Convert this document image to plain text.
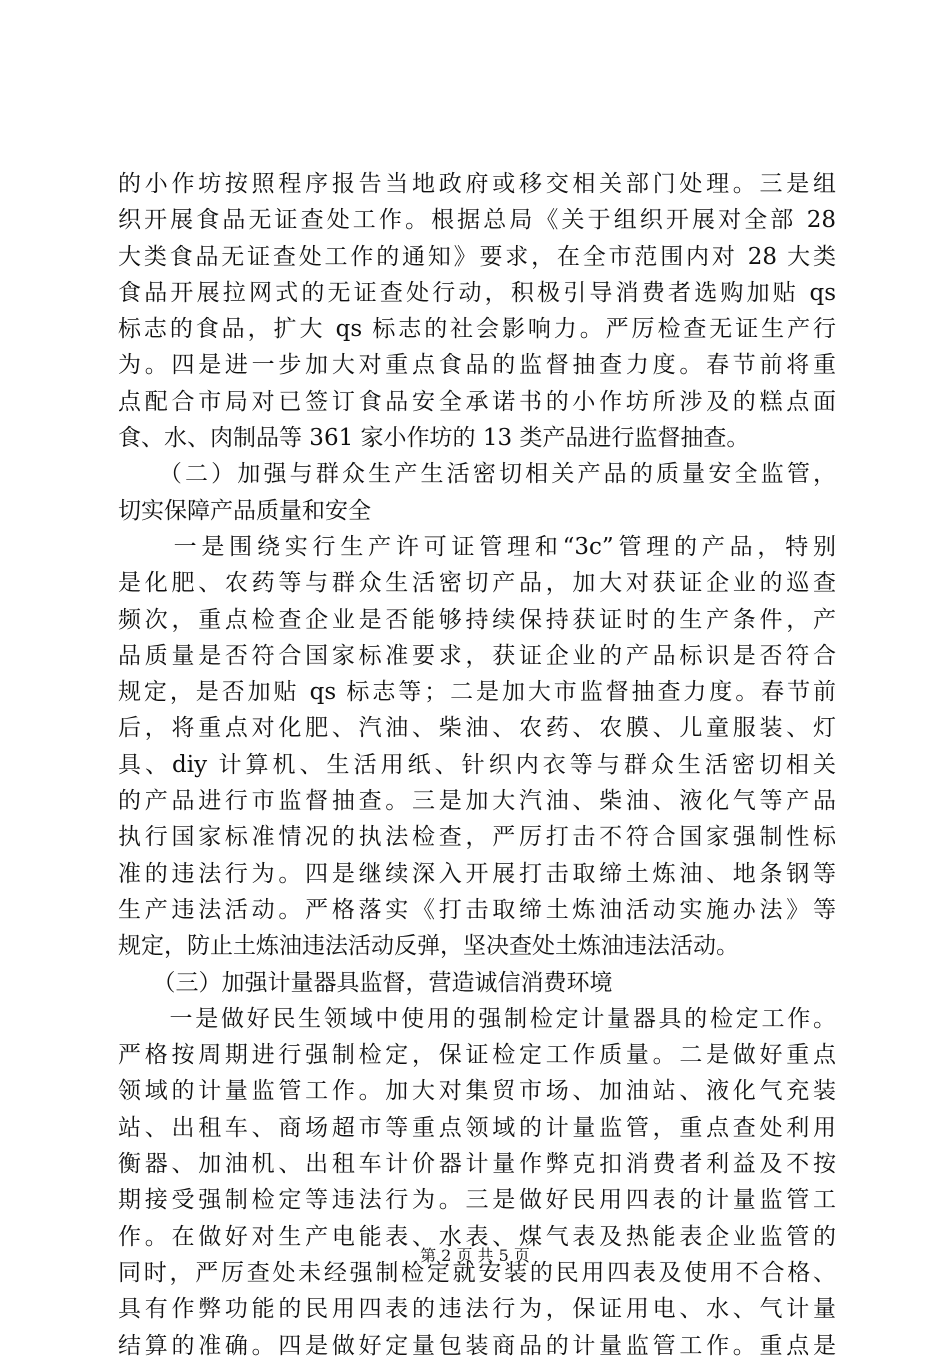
的小作坊按照程序报告当地政府或移交相关部门处理。三是组
织开展食品无证查处工作。根据总局《关于组织开展对全部 28
大类食品无证查处工作的通知》要求，在全市范围内对 28 大类
食品开展拉网式的无证查处行动，积极引导消费者选购加贴 qs
标志的食品，扩大 qs 标志的社会影响力。严厉检查无证生产行
为。四是进一步加大对重点食品的监督抽查力度。春节前将重
点配合市局对已签订食品安全承诺书的小作坊所涉及的糕点面
食、水、肉制品等 361 家小作坊的 13 类产品进行监督抽查。
　　（二）加强与群众生产生活密切相关产品的质量安全监管，
切实保障产品质量和安全
　　一是围绕实行生产许可证管理和“3c”管理的产品，特别
是化肥、农药等与群众生活密切产品，加大对获证企业的巡查
频次，重点检查企业是否能够持续保持获证时的生产条件，产
品质量是否符合国家标准要求，获证企业的产品标识是否符合
规定，是否加贴 qs 标志等；二是加大市监督抽查力度。春节前
后，将重点对化肥、汽油、柴油、农药、农膜、儿童服装、灯
具、diy 计算机、生活用纸、针织内衣等与群众生活密切相关
的产品进行市监督抽查。三是加大汽油、柴油、液化气等产品
执行国家标准情况的执法检查，严厉打击不符合国家强制性标
准的违法行为。四是继续深入开展打击取缔土炼油、地条钢等
生产违法活动。严格落实《打击取缔土炼油活动实施办法》等
规定，防止土炼油违法活动反弹，坚决查处土炼油违法活动。
　　（三）加强计量器具监督，营造诚信消费环境
　　一是做好民生领域中使用的强制检定计量器具的检定工作。
严格按周期进行强制检定，保证检定工作质量。二是做好重点
领域的计量监管工作。加大对集贸市场、加油站、液化气充装
站、出租车、商场超市等重点领域的计量监管，重点查处利用
衡器、加油机、出租车计价器计量作弊克扣消费者利益及不按
期接受强制检定等违法行为。三是做好民用四表的计量监管工
作。在做好对生产电能表、水表、煤气表及热能表企业监管的
同时，严厉查处未经强制检定就安装的民用四表及使用不合格、
具有作弊功能的民用四表的违法行为，保证用电、水、气计量
结算的准确。四是做好定量包装商品的计量监管工作。重点是
第 2 页 共 5 页
